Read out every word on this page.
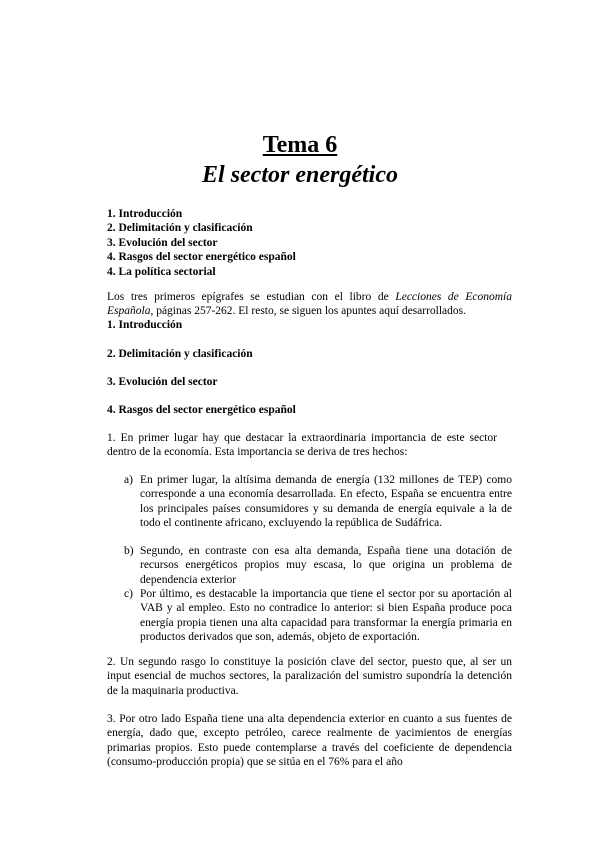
Tema 6
El sector energético
1. Introducción
2. Delimitación y clasificación
3. Evolución del sector
4. Rasgos del sector energético español
4. La política sectorial
Los tres primeros epígrafes se estudian con el libro de Lecciones de Economía Española, páginas 257-262. El resto, se siguen los apuntes aquí desarrollados.
1. Introducción
2. Delimitación y clasificación
3. Evolución del sector
4. Rasgos del sector energético español
1. En primer lugar hay que destacar la extraordinaria importancia de este sector dentro de la economía. Esta importancia se deriva de tres hechos:
a) En primer lugar, la altísima demanda de energía (132 millones de TEP) como corresponde a una economía desarrollada. En efecto, España se encuentra entre los principales países consumidores y su demanda de energía equivale a la de todo el continente africano, excluyendo la república de Sudáfrica.
b) Segundo, en contraste con esa alta demanda, España tiene una dotación de recursos energéticos propios muy escasa, lo que origina un problema de dependencia exterior
c) Por último, es destacable la importancia que tiene el sector por su aportación al VAB y al empleo. Esto no contradice lo anterior: si bien España produce poca energía propia tienen una alta capacidad para transformar la energía primaria en productos derivados que son, además, objeto de exportación.
2. Un segundo rasgo lo constituye la posición clave del sector, puesto que, al ser un input esencial de muchos sectores, la paralización del sumistro supondría la detención de la maquinaria productiva.
3. Por otro lado España tiene una alta dependencia exterior en cuanto a sus fuentes de energía, dado que, excepto petróleo, carece realmente de yacimientos de energías primarias propios. Esto puede contemplarse a través del coeficiente de dependencia (consumo-producción propia) que se sitúa en el 76% para el año
